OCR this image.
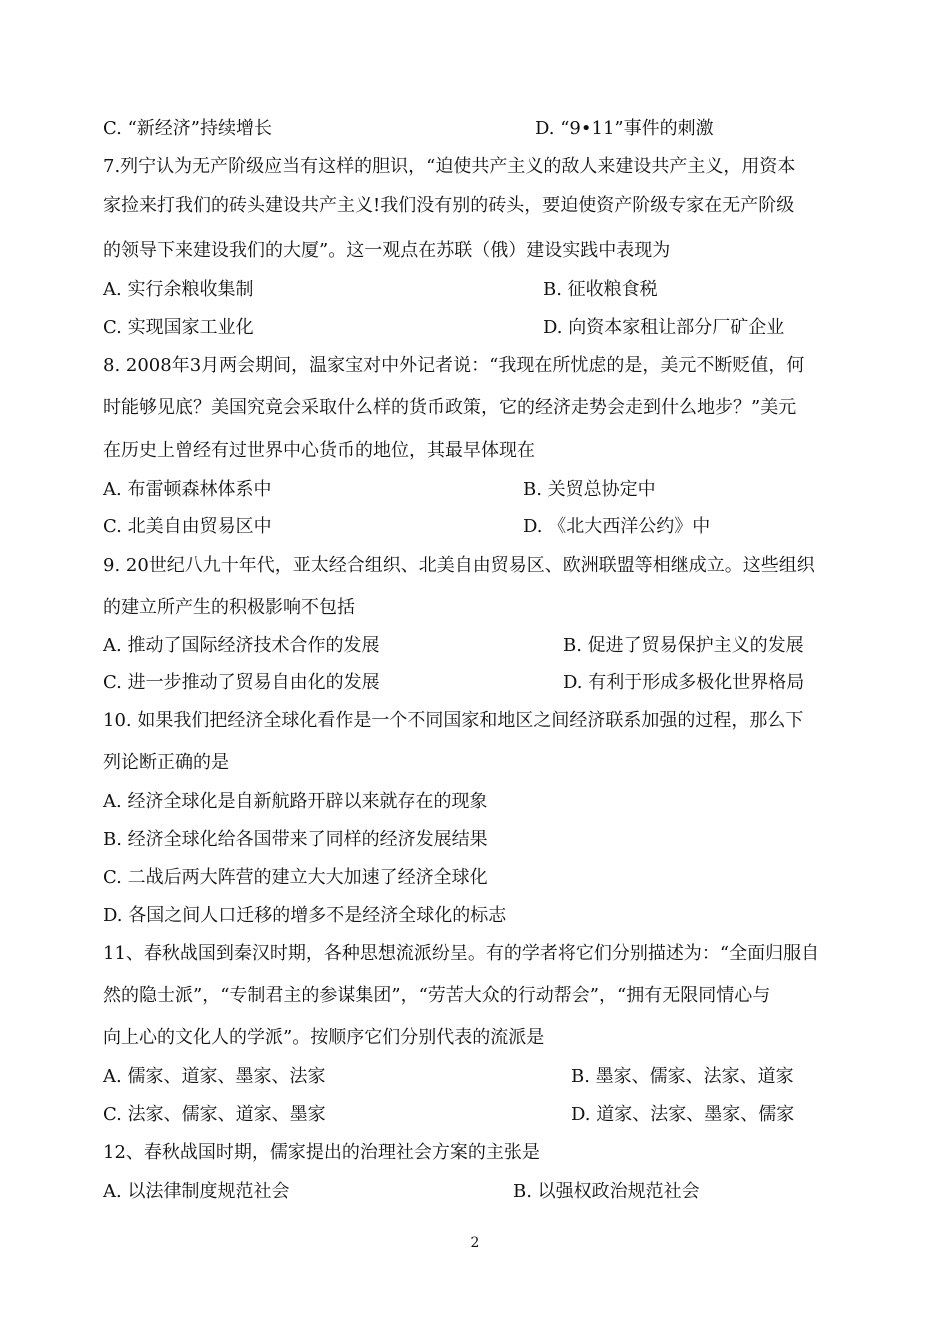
C. “新经济”持续增长	D. “9•11”事件的刺激
7.列宁认为无产阶级应当有这样的胆识，“迫使共产主义的敌人来建设共产主义，用资本
家捡来打我们的砖头建设共产主义!我们没有别的砖头，要迫使资产阶级专家在无产阶级
的领导下来建设我们的大厦”。这一观点在苏联（俄）建设实践中表现为
A. 实行余粮收集制	B. 征收粮食税
C. 实现国家工业化	D. 向资本家租让部分厂矿企业
8. 2008年3月两会期间，温家宝对中外记者说：“我现在所忧虑的是，美元不断贬值，何
时能够见底？美国究竟会采取什么样的货币政策，它的经济走势会走到什么地步？”美元
在历史上曾经有过世界中心货币的地位，其最早体现在
A. 布雷顿森林体系中	B. 关贸总协定中
C. 北美自由贸易区中	D. 《北大西洋公约》中
9. 20世纪八九十年代，亚太经合组织、北美自由贸易区、欧洲联盟等相继成立。这些组织
的建立所产生的积极影响不包括
A. 推动了国际经济技术合作的发展	B. 促进了贸易保护主义的发展
C. 进一步推动了贸易自由化的发展	D. 有利于形成多极化世界格局
10. 如果我们把经济全球化看作是一个不同国家和地区之间经济联系加强的过程，那么下
列论断正确的是
A. 经济全球化是自新航路开辟以来就存在的现象
B. 经济全球化给各国带来了同样的经济发展结果
C. 二战后两大阵营的建立大大加速了经济全球化
D. 各国之间人口迁移的增多不是经济全球化的标志
11、春秋战国到秦汉时期，各种思想流派纷呈。有的学者将它们分别描述为：“全面归服自
然的隐士派”，“专制君主的参谋集团”，“劳苦大众的行动帮会”，“拥有无限同情心与
向上心的文化人的学派”。按顺序它们分别代表的流派是
A. 儒家、道家、墨家、法家	B. 墨家、儒家、法家、道家
C. 法家、儒家、道家、墨家	D. 道家、法家、墨家、儒家
12、春秋战国时期，儒家提出的治理社会方案的主张是
A. 以法律制度规范社会	B. 以强权政治规范社会
2
